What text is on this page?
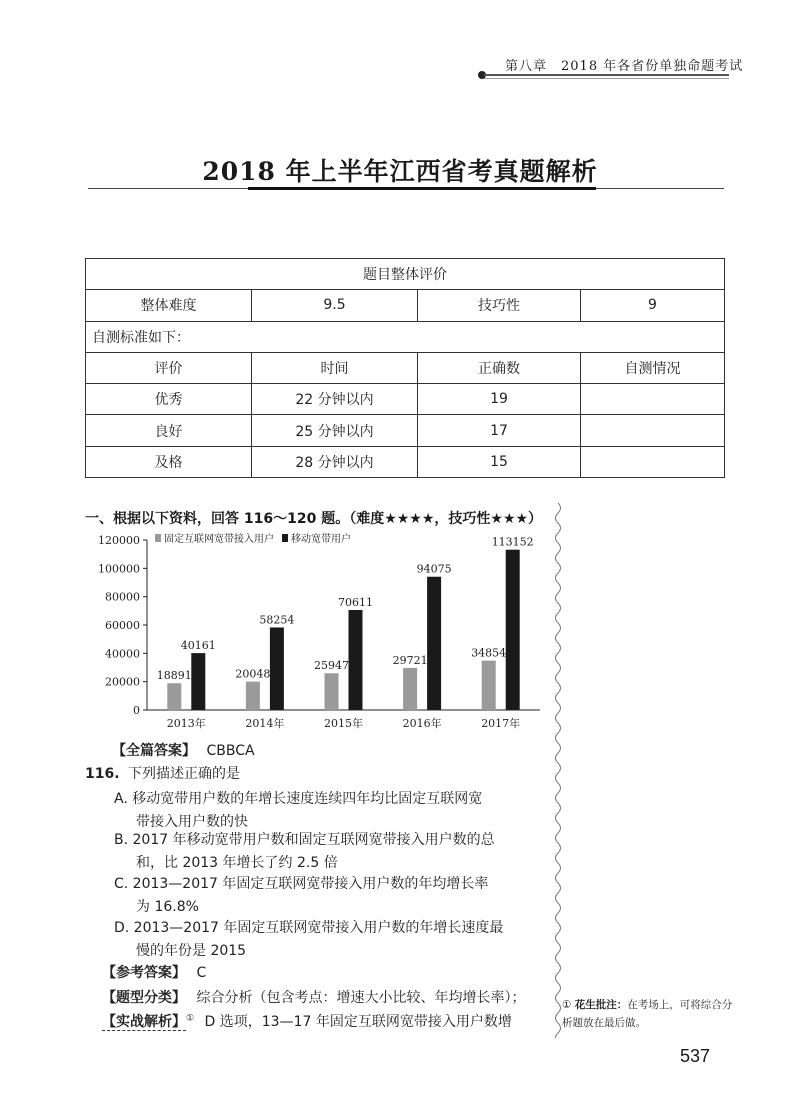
第八章　2018 年各省份单独命题考试
2018 年上半年江西省考真题解析
题目整体评价			
整体难度	9.5	技巧性	9
自测标准如下：			
评价	时间	正确数	自测情况
优秀	22 分钟以内	19	
良好	25 分钟以内	17	
及格	28 分钟以内	15	
一、根据以下资料，回答 116～120 题。（难度★★★★，技巧性★★★）
0
20000
40000
60000
80000
100000
120000
2013年	2014年	2015年	2016年	2017年
18891
40161
20048
58254
25947
70611
29721
94075
34854
113152
固定互联网宽带接入用户 移动宽带用户
【全篇答案】 CBBCA
116. 下列描述正确的是
A. 移动宽带用户数的年增长速度连续四年均比固定互联网宽
带接入用户数的快
B. 2017 年移动宽带用户数和固定互联网宽带接入用户数的总
和，比 2013 年增长了约 2.5 倍
C. 2013—2017 年固定互联网宽带接入用户数的年均增长率
为 16.8%
D. 2013—2017 年固定互联网宽带接入用户数的年增长速度最
慢的年份是 2015
【参考答案】 C
【题型分类】 综合分析（包含考点：增速大小比较、年均增长率）；
【实战解析】① D 选项，13—17 年固定互联网宽带接入用户数增
① 花生批注：在考场上，可将综合分析题放在最后做。
537
